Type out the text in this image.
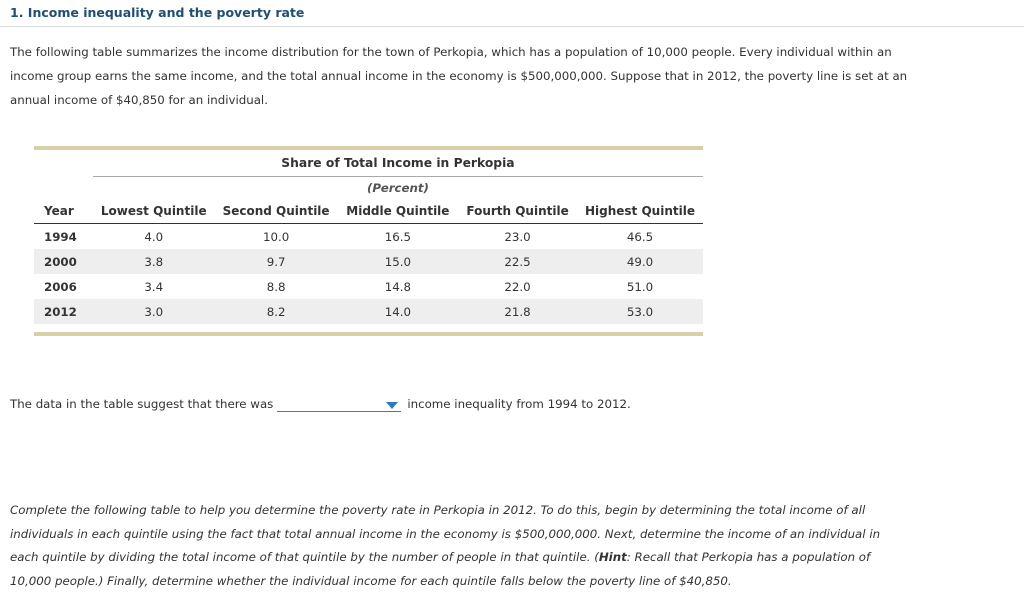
1. Income inequality and the poverty rate

The following table summarizes the income distribution for the town of Perkopia, which has a population of 10,000 people. Every individual within an income group earns the same income, and the total annual income in the economy is $500,000,000. Suppose that in 2012, the poverty line is set at an annual income of $40,850 for an individual.

	Share of Total Income in Perkopia				
	(Percent)				
Year	Lowest Quintile	Second Quintile	Middle Quintile	Fourth Quintile	Highest Quintile
1994	4.0	10.0	16.5	23.0	46.5
2000	3.8	9.7	15.0	22.5	49.0
2006	3.4	8.8	14.8	22.0	51.0
2012	3.0	8.2	14.0	21.8	53.0

The data in the table suggest that there was	income inequality from 1994 to 2012.

Complete the following table to help you determine the poverty rate in Perkopia in 2012. To do this, begin by determining the total income of all individuals in each quintile using the fact that total annual income in the economy is $500,000,000. Next, determine the income of an individual in each quintile by dividing the total income of that quintile by the number of people in that quintile. (Hint: Recall that Perkopia has a population of 10,000 people.) Finally, determine whether the individual income for each quintile falls below the poverty line of $40,850.
